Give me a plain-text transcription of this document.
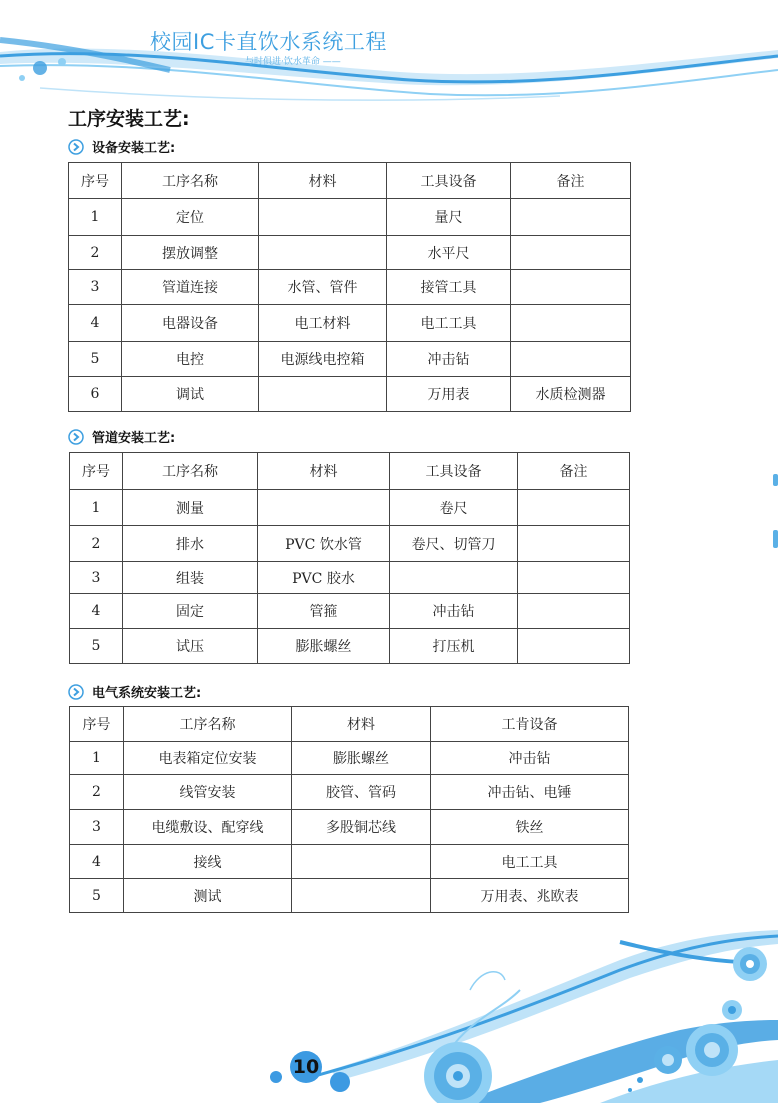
校园IC卡直饮水系统工程
与时俱进·饮水革命 ——
工序安装工艺:
设备安装工艺:
序号	工序名称	材料	工具设备	备注
1	定位		量尺	
2	摆放调整		水平尺	
3	管道连接	水管、管件	接管工具	
4	电器设备	电工材料	电工工具	
5	电控	电源线电控箱	冲击钻	
6	调试		万用表	水质检测器
管道安装工艺:
序号	工序名称	材料	工具设备	备注
1	测量		卷尺	
2	排水	PVC 饮水管	卷尺、切管刀	
3	组装	PVC 胶水		
4	固定	管箍	冲击钻	
5	试压	膨胀螺丝	打压机	
电气系统安装工艺:
序号	工序名称	材料	工肯设备
1	电表箱定位安装	膨胀螺丝	冲击钻
2	线管安装	胶管、管码	冲击钻、电锤
3	电缆敷设、配穿线	多股铜芯线	铁丝
4	接线		电工工具
5	测试		万用表、兆欧表
10
